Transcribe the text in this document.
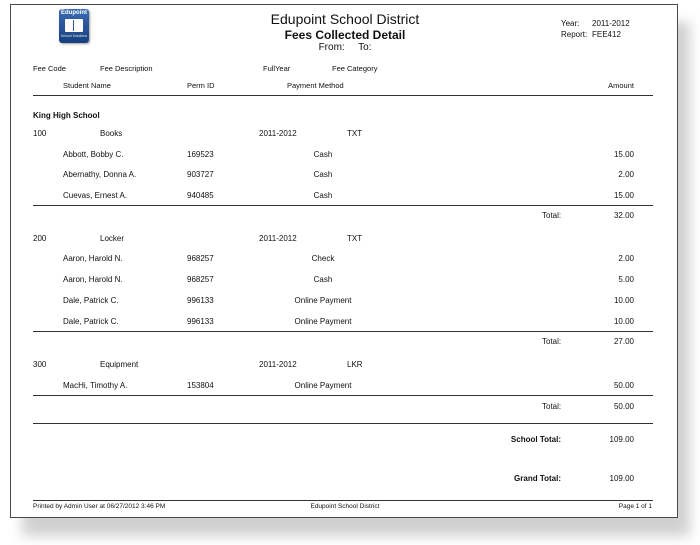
Edupoint
School Solutions
Edupoint School District
Fees Collected Detail
From: To:
Year: 2011-2012
Report: FEE412
Fee Code	Fee Description	FullYear	Fee Category
Student Name	Perm ID	Payment Method	Amount
King High School
100	Books	2011-2012	TXT
Abbott, Bobby C.	169523	Cash	15.00
Abernathy, Donna A.	903727	Cash	2.00
Cuevas, Ernest A.	940485	Cash	15.00
Total:	32.00
200	Locker	2011-2012	TXT
Aaron, Harold N.	968257	Check	2.00
Aaron, Harold N.	968257	Cash	5.00
Dale, Patrick C.	996133	Online Payment	10.00
Dale, Patrick C.	996133	Online Payment	10.00
Total:	27.00
300	Equipment	2011-2012	LKR
MacHi, Timothy A.	153804	Online Payment	50.00
Total:	50.00
School Total:	109.00
Grand Total:	109.00
Printed by Admin User at 06/27/2012 3:46 PM	Edupoint School District	Page 1 of 1
